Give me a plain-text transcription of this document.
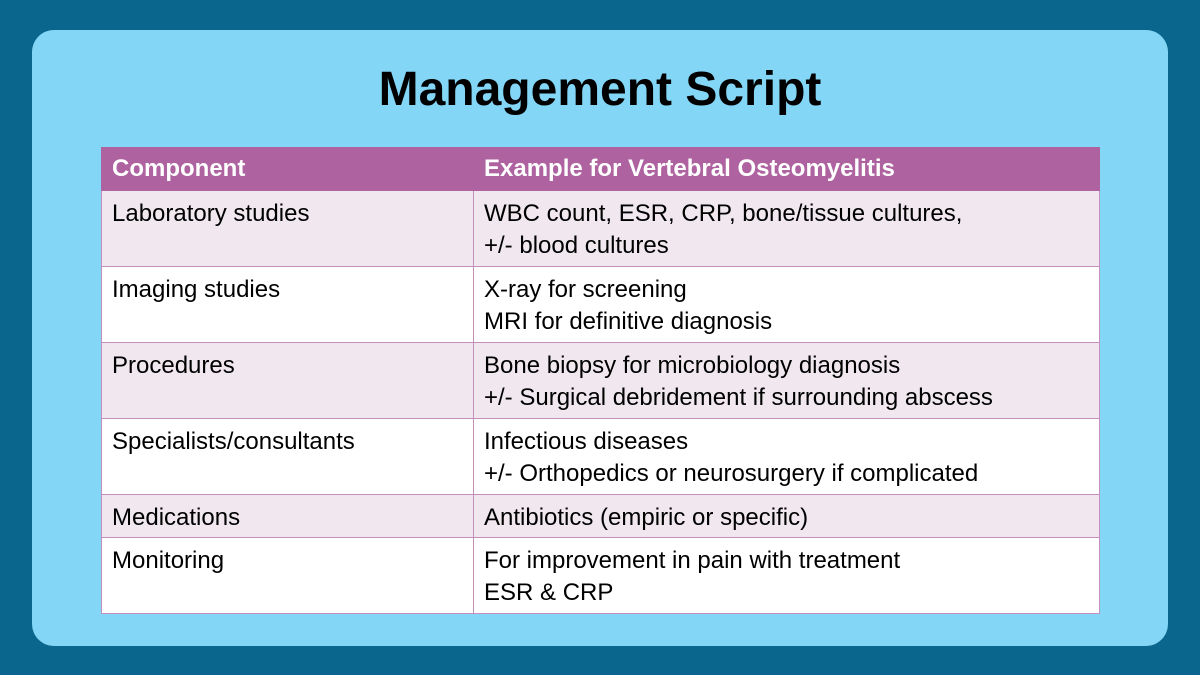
Management Script
Component	Example for Vertebral Osteomyelitis
Laboratory studies	WBC count, ESR, CRP, bone/tissue cultures,
+/- blood cultures

Imaging studies	X-ray for screening
MRI for definitive diagnosis

Procedures	Bone biopsy for microbiology diagnosis
+/- Surgical debridement if surrounding abscess

Specialists/consultants	Infectious diseases
+/- Orthopedics or neurosurgery if complicated

Medications	Antibiotics (empiric or specific)

Monitoring	For improvement in pain with treatment
ESR & CRP
